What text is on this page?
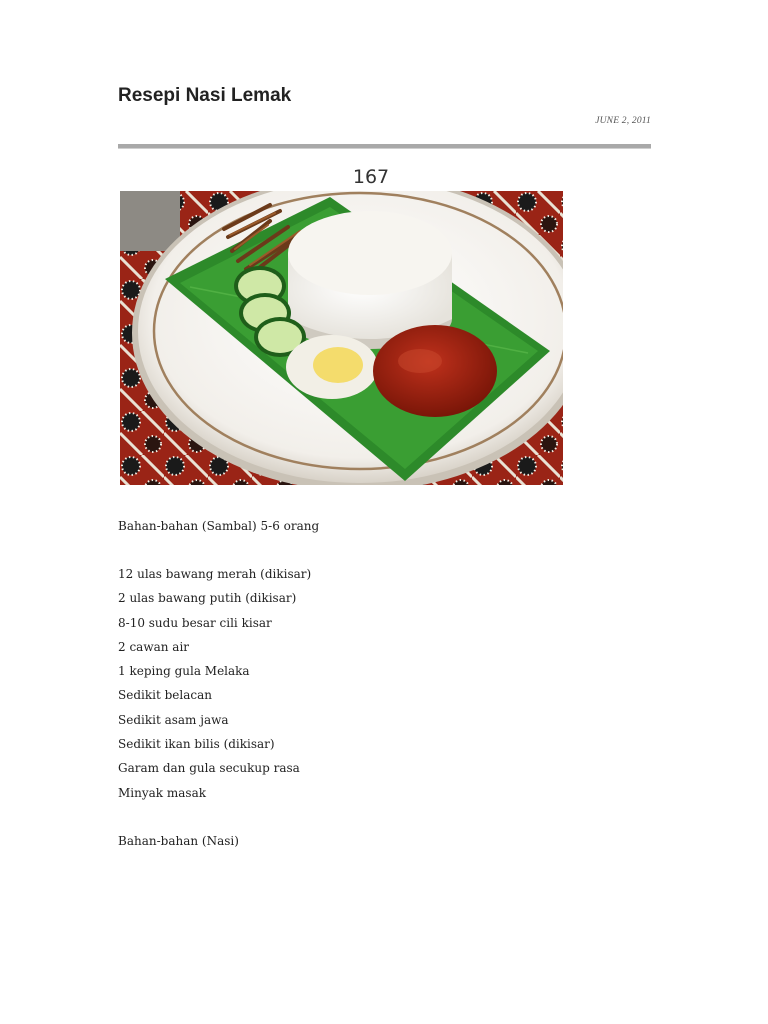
Resepi Nasi Lemak
JUNE 2, 2011
167
Bahan-bahan (Sambal) 5-6 orang
12 ulas bawang merah (dikisar)
2 ulas bawang putih (dikisar)
8-10 sudu besar cili kisar
2 cawan air
1 keping gula Melaka
Sedikit belacan
Sedikit asam jawa
Sedikit ikan bilis (dikisar)
Garam dan gula secukup rasa
Minyak masak
Bahan-bahan (Nasi)
